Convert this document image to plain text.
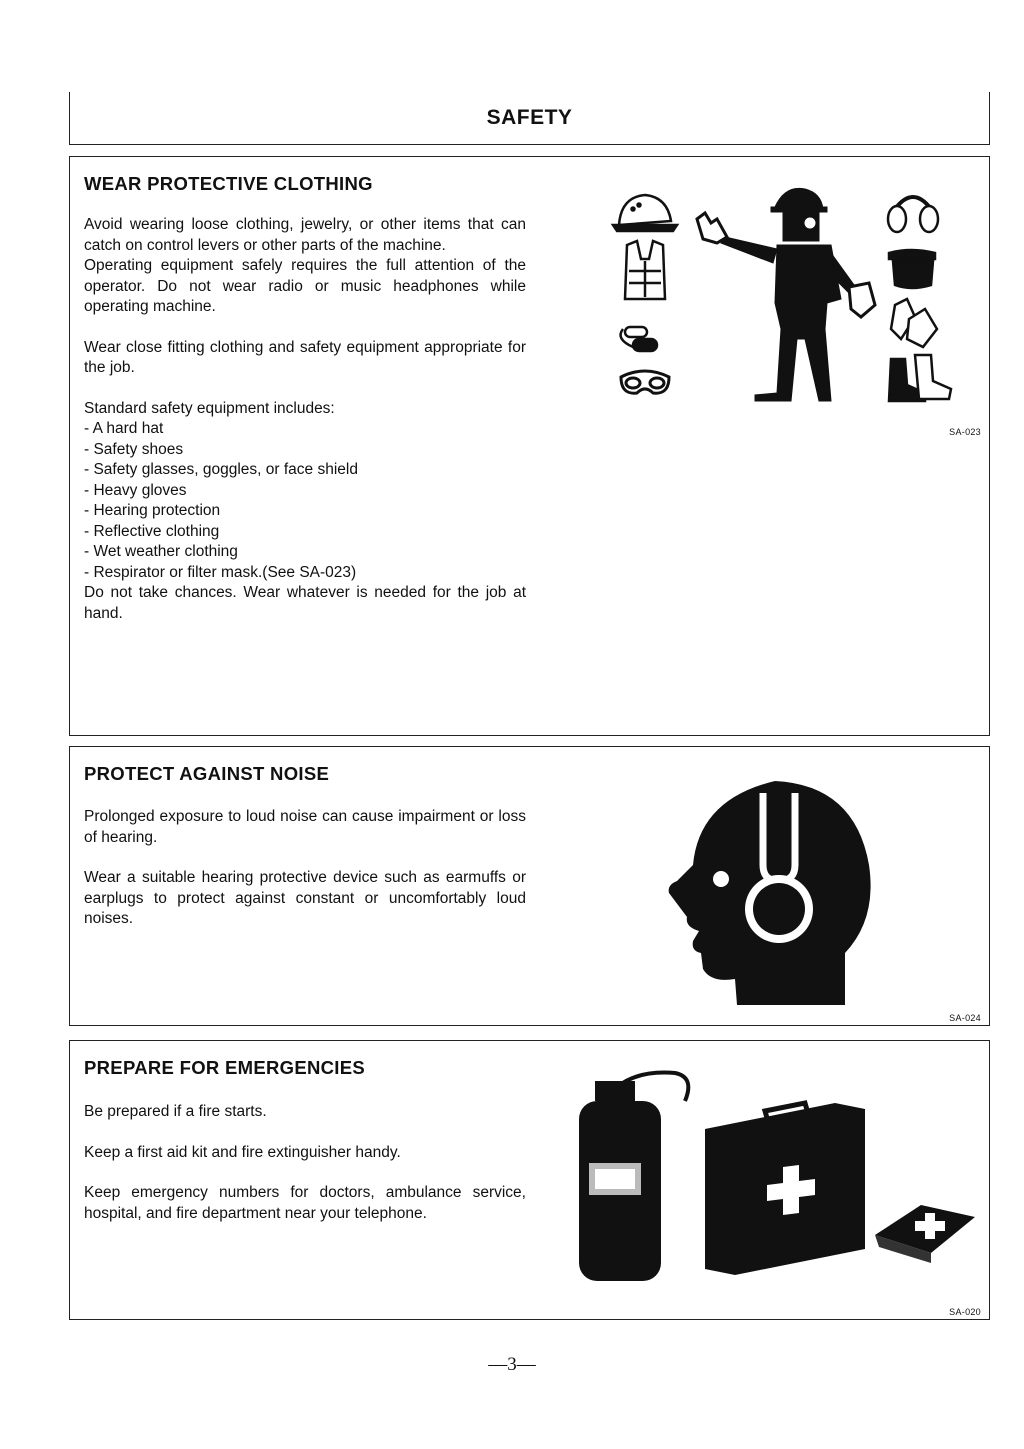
SAFETY
WEAR PROTECTIVE CLOTHING

Avoid wearing loose clothing, jewelry, or other items that can catch on control levers or other parts of the machine.

Operating equipment safely requires the full attention of the operator. Do not wear radio or music headphones while operating machine.

Wear close fitting clothing and safety equipment appropriate for the job.

Standard safety equipment includes:

- A hard hat
- Safety shoes
- Safety glasses, goggles, or face shield
- Heavy gloves
- Hearing protection
- Reflective clothing
- Wet weather clothing
- Respirator or filter mask.(See SA-023)

Do not take chances. Wear whatever is needed for the job at hand.

SA-023
PROTECT AGAINST NOISE

Prolonged exposure to loud noise can cause impairment or loss of hearing.

Wear a suitable hearing protective device such as earmuffs or earplugs to protect against constant or uncomfortably loud noises.

SA-024
PREPARE FOR EMERGENCIES

Be prepared if a fire starts.

Keep a first aid kit and fire extinguisher handy.

Keep emergency numbers for doctors, ambulance service, hospital, and fire department near your telephone.

SA-020
—3—
